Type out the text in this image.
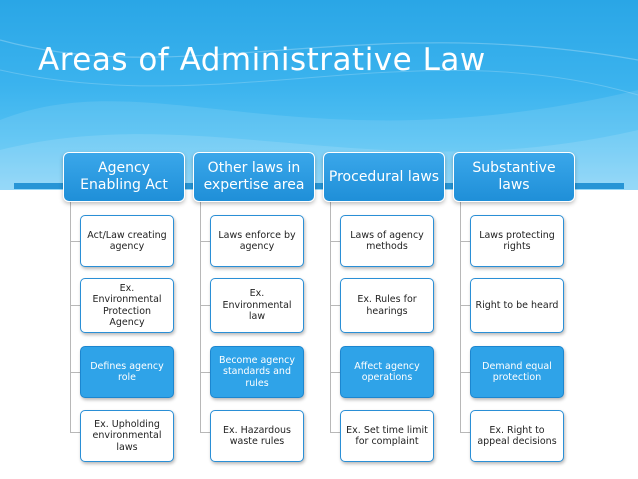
Areas of Administrative Law
Agency Enabling Act
Act/Law creating agency
Ex. Environmental Protection Agency
Defines agency role
Ex. Upholding environmental laws
Other laws in expertise area
Laws enforce by agency
Ex. Environmental law
Become agency standards and rules
Ex. Hazardous waste rules
Procedural laws
Laws of agency methods
Ex. Rules for hearings
Affect agency operations
Ex. Set time limit for complaint
Substantive laws
Laws protecting rights
Right to be heard
Demand equal protection
Ex. Right to appeal decisions
